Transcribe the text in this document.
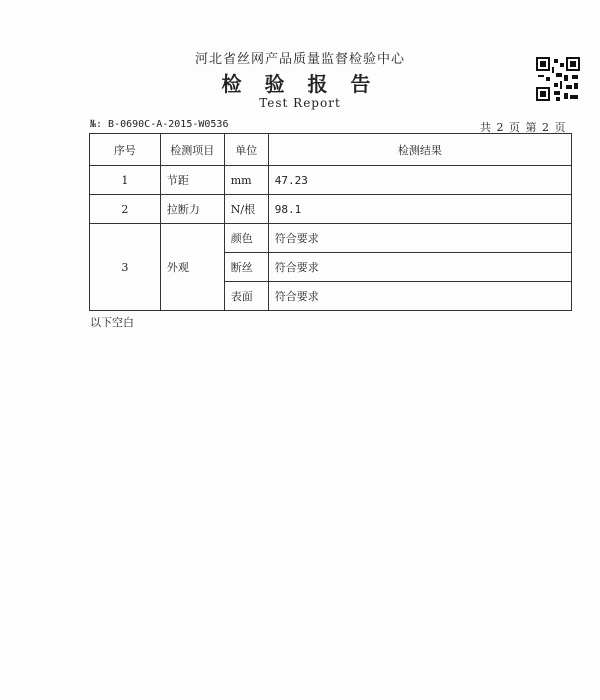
河北省丝网产品质量监督检验中心
检 验 报 告
Test Report
№: B-0690C-A-2015-W0536	共 2 页 第 2 页
序号	检测项目	单位	检测结果
1	节距	mm	47.23
2	拉断力	N/根	98.1
3	外观	颜色	符合要求
		断丝	符合要求
		表面	符合要求
以下空白
